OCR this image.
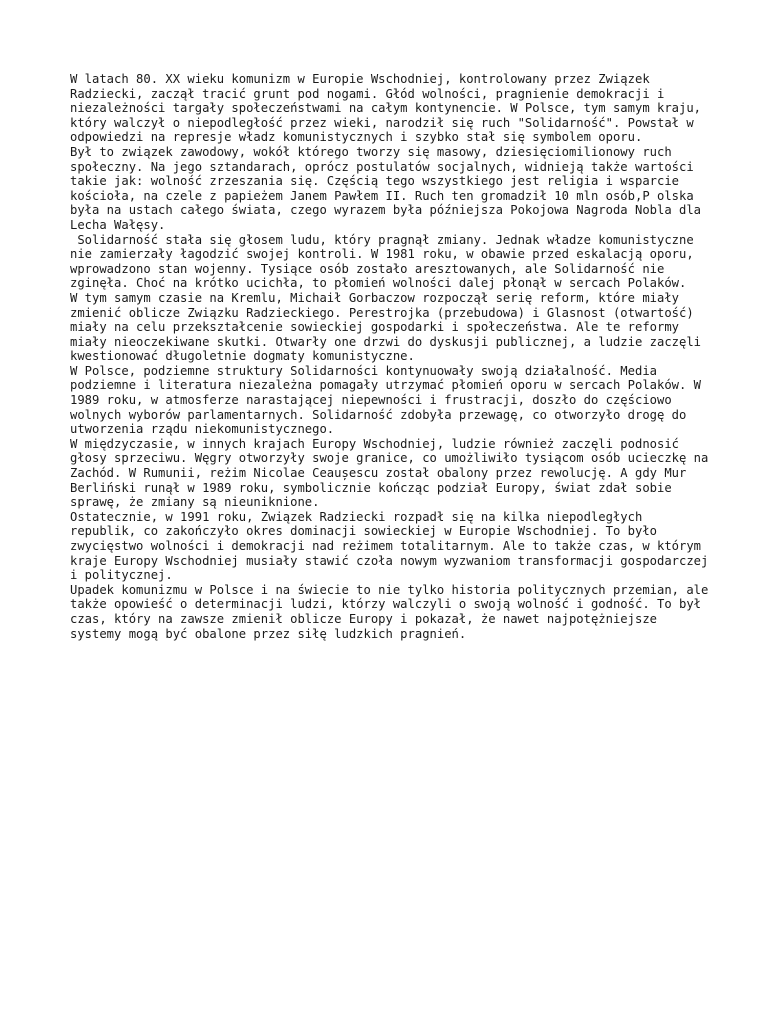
W latach 80. XX wieku komunizm w Europie Wschodniej, kontrolowany przez Związek Radziecki, zaczął tracić grunt pod nogami. Głód wolności, pragnienie demokracji i niezależności targały społeczeństwami na całym kontynencie. W Polsce, tym samym kraju, który walczył o niepodległość przez wieki, narodził się ruch "Solidarność". Powstał w odpowiedzi na represje władz komunistycznych i szybko stał się symbolem oporu.

Był to związek zawodowy, wokół którego tworzy się masowy, dziesięciomilionowy ruch społeczny. Na jego sztandarach, oprócz postulatów socjalnych, widnieją także wartości takie jak: wolność zrzeszania się. Częścią tego wszystkiego jest religia i wsparcie kościoła, na czele z papieżem Janem Pawłem II. Ruch ten gromadził 10 mln osób,P olska była na ustach całego świata, czego wyrazem była późniejsza Pokojowa Nagroda Nobla dla Lecha Wałęsy.

Solidarność stała się głosem ludu, który pragnął zmiany. Jednak władze komunistyczne nie zamierzały łagodzić swojej kontroli. W 1981 roku, w obawie przed eskalacją oporu, wprowadzono stan wojenny. Tysiące osób zostało aresztowanych, ale Solidarność nie zginęła. Choć na krótko ucichła, to płomień wolności dalej płonął w sercach Polaków.

W tym samym czasie na Kremlu, Michaił Gorbaczow rozpoczął serię reform, które miały zmienić oblicze Związku Radzieckiego. Perestrojka (przebudowa) i Glasnost (otwartość) miały na celu przekształcenie sowieckiej gospodarki i społeczeństwa. Ale te reformy miały nieoczekiwane skutki. Otwarły one drzwi do dyskusji publicznej, a ludzie zaczęli kwestionować długoletnie dogmaty komunistyczne.

W Polsce, podziemne struktury Solidarności kontynuowały swoją działalność. Media podziemne i literatura niezależna pomagały utrzymać płomień oporu w sercach Polaków. W 1989 roku, w atmosferze narastającej niepewności i frustracji, doszło do częściowo wolnych wyborów parlamentarnych. Solidarność zdobyła przewagę, co otworzyło drogę do utworzenia rządu niekomunistycznego.

W międzyczasie, w innych krajach Europy Wschodniej, ludzie również zaczęli podnosić głosy sprzeciwu. Węgry otworzyły swoje granice, co umożliwiło tysiącom osób ucieczkę na Zachód. W Rumunii, reżim Nicolae Ceaușescu został obalony przez rewolucję. A gdy Mur Berliński runął w 1989 roku, symbolicznie kończąc podział Europy, świat zdał sobie sprawę, że zmiany są nieuniknione.

Ostatecznie, w 1991 roku, Związek Radziecki rozpadł się na kilka niepodległych republik, co zakończyło okres dominacji sowieckiej w Europie Wschodniej. To było zwycięstwo wolności i demokracji nad reżimem totalitarnym. Ale to także czas, w którym kraje Europy Wschodniej musiały stawić czoła nowym wyzwaniom transformacji gospodarczej i politycznej.

Upadek komunizmu w Polsce i na świecie to nie tylko historia politycznych przemian, ale także opowieść o determinacji ludzi, którzy walczyli o swoją wolność i godność. To był czas, który na zawsze zmienił oblicze Europy i pokazał, że nawet najpotężniejsze systemy mogą być obalone przez siłę ludzkich pragnień.
